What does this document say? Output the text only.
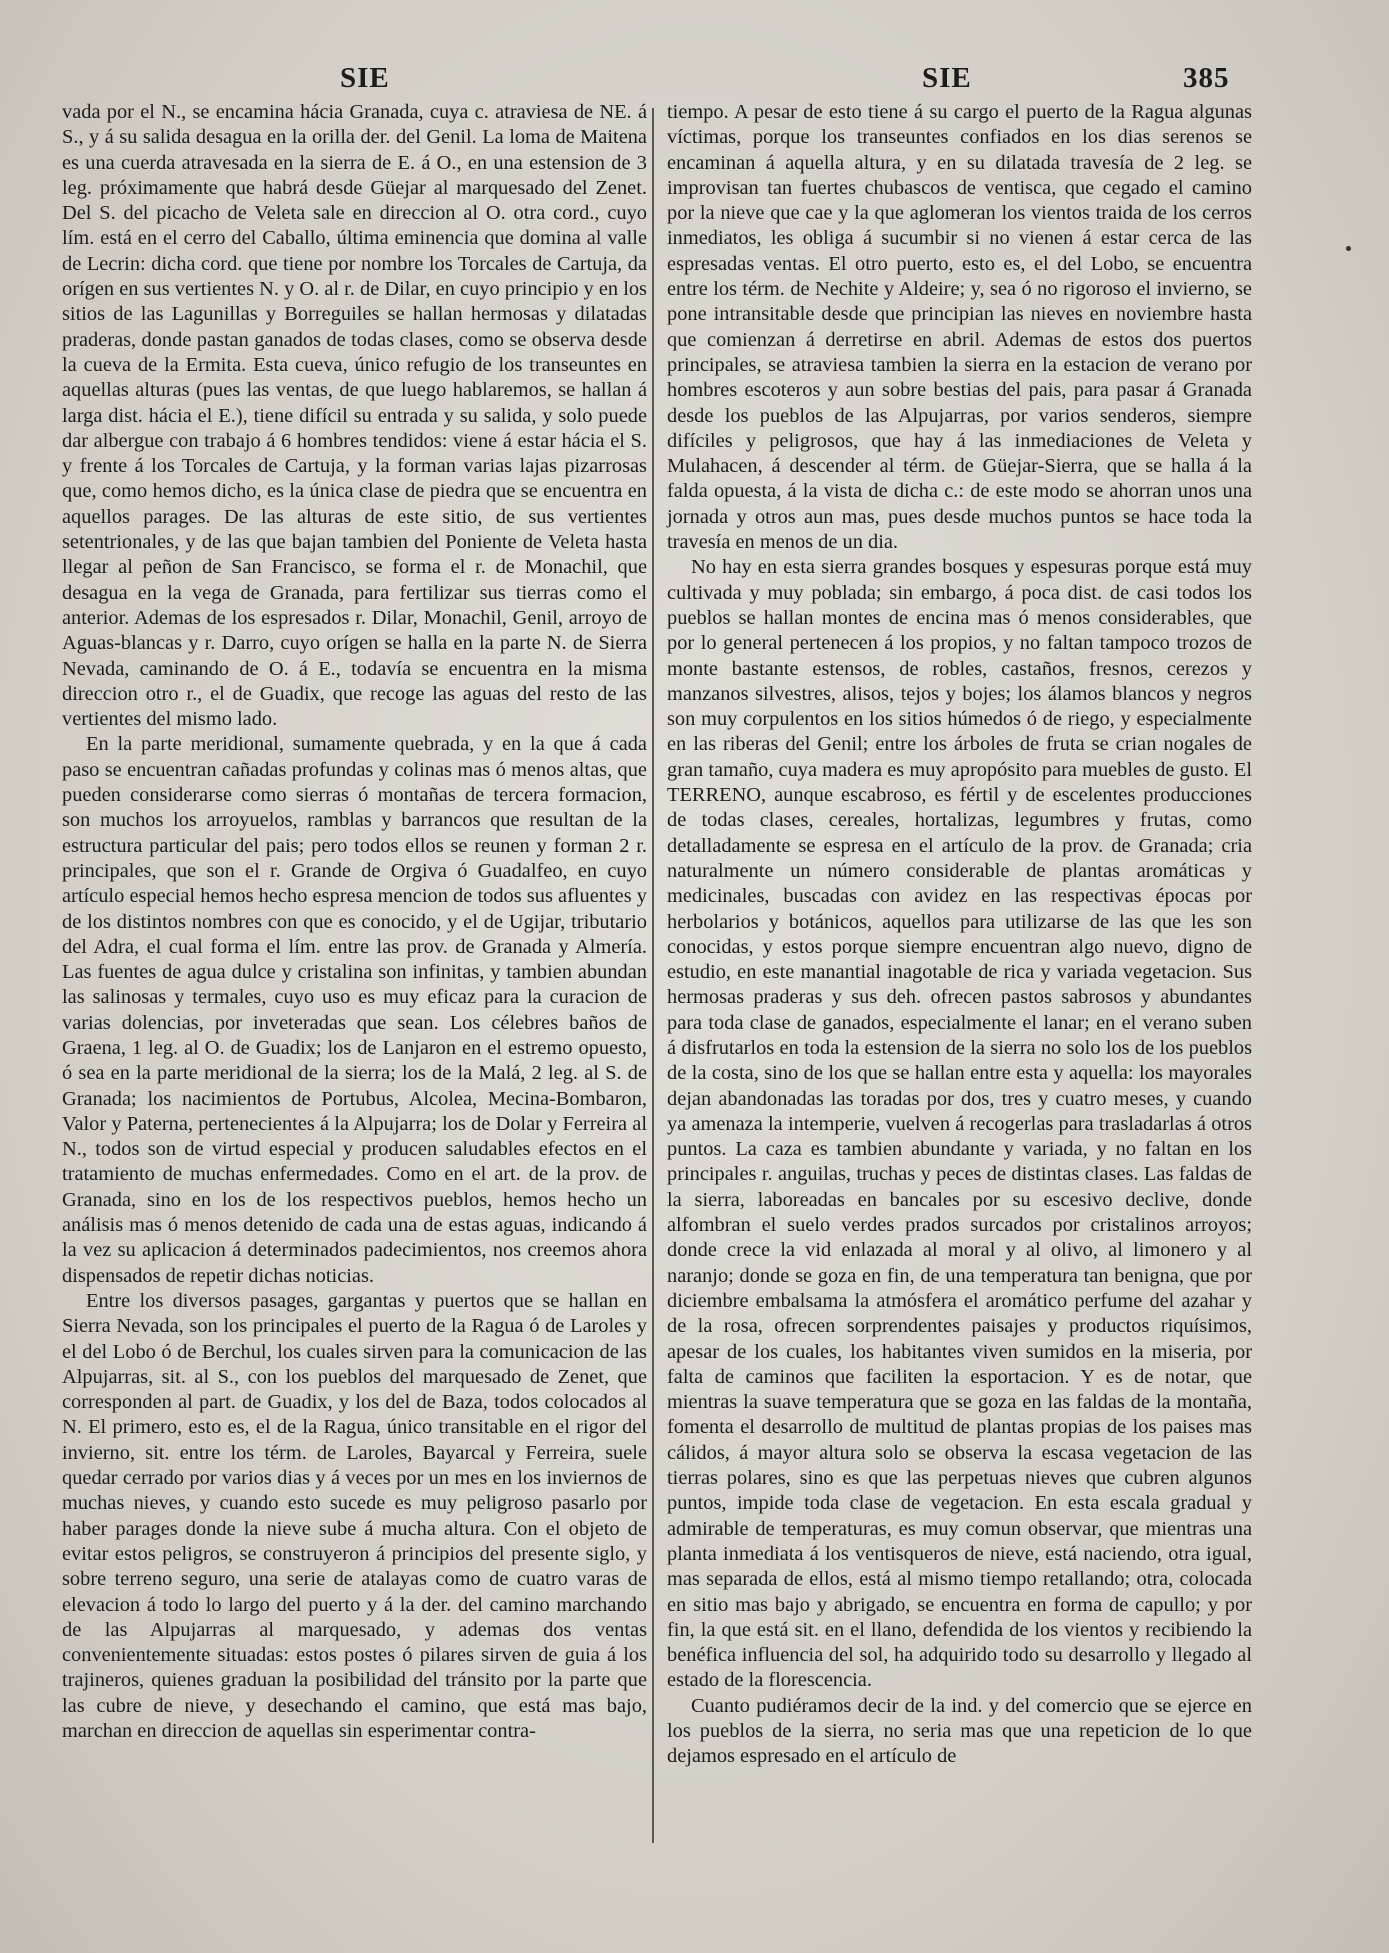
SIE	SIE	385

vada por el N., se encamina hácia Granada, cuya c. atraviesa de NE. á S., y á su salida desagua en la orilla der. del Genil. La loma de Maitena es una cuerda atravesada en la sierra de E. á O., en una estension de 3 leg. próximamente que habrá desde Güejar al marquesado del Zenet. Del S. del picacho de Veleta sale en direccion al O. otra cord., cuyo lím. está en el cerro del Caballo, última eminencia que domina al valle de Lecrin: dicha cord. que tiene por nombre los Torcales de Cartuja, da orígen en sus vertientes N. y O. al r. de Dilar, en cuyo principio y en los sitios de las Lagunillas y Borreguiles se hallan hermosas y dilatadas praderas, donde pastan ganados de todas clases, como se observa desde la cueva de la Ermita. Esta cueva, único refugio de los transeuntes en aquellas alturas (pues las ventas, de que luego hablaremos, se hallan á larga dist. hácia el E.), tiene difícil su entrada y su salida, y solo puede dar albergue con trabajo á 6 hombres tendidos: viene á estar hácia el S. y frente á los Torcales de Cartuja, y la forman varias lajas pizarrosas que, como hemos dicho, es la única clase de piedra que se encuentra en aquellos parages. De las alturas de este sitio, de sus vertientes setentrionales, y de las que bajan tambien del Poniente de Veleta hasta llegar al peñon de San Francisco, se forma el r. de Monachil, que desagua en la vega de Granada, para fertilizar sus tierras como el anterior. Ademas de los espresados r. Dilar, Monachil, Genil, arroyo de Aguas-blancas y r. Darro, cuyo orígen se halla en la parte N. de Sierra Nevada, caminando de O. á E., todavía se encuentra en la misma direccion otro r., el de Guadix, que recoge las aguas del resto de las vertientes del mismo lado.

En la parte meridional, sumamente quebrada, y en la que á cada paso se encuentran cañadas profundas y colinas mas ó menos altas, que pueden considerarse como sierras ó montañas de tercera formacion, son muchos los arroyuelos, ramblas y barrancos que resultan de la estructura particular del pais; pero todos ellos se reunen y forman 2 r. principales, que son el r. Grande de Orgiva ó Guadalfeo, en cuyo artículo especial hemos hecho espresa mencion de todos sus afluentes y de los distintos nombres con que es conocido, y el de Ugijar, tributario del Adra, el cual forma el lím. entre las prov. de Granada y Almería. Las fuentes de agua dulce y cristalina son infinitas, y tambien abundan las salinosas y termales, cuyo uso es muy eficaz para la curacion de varias dolencias, por inveteradas que sean. Los célebres baños de Graena, 1 leg. al O. de Guadix; los de Lanjaron en el estremo opuesto, ó sea en la parte meridional de la sierra; los de la Malá, 2 leg. al S. de Granada; los nacimientos de Portubus, Alcolea, Mecina-Bombaron, Valor y Paterna, pertenecientes á la Alpujarra; los de Dolar y Ferreira al N., todos son de virtud especial y producen saludables efectos en el tratamiento de muchas enfermedades. Como en el art. de la prov. de Granada, sino en los de los respectivos pueblos, hemos hecho un análisis mas ó menos detenido de cada una de estas aguas, indicando á la vez su aplicacion á determinados padecimientos, nos creemos ahora dispensados de repetir dichas noticias.

Entre los diversos pasages, gargantas y puertos que se hallan en Sierra Nevada, son los principales el puerto de la Ragua ó de Laroles y el del Lobo ó de Berchul, los cuales sirven para la comunicacion de las Alpujarras, sit. al S., con los pueblos del marquesado de Zenet, que corresponden al part. de Guadix, y los del de Baza, todos colocados al N. El primero, esto es, el de la Ragua, único transitable en el rigor del invierno, sit. entre los térm. de Laroles, Bayarcal y Ferreira, suele quedar cerrado por varios dias y á veces por un mes en los inviernos de muchas nieves, y cuando esto sucede es muy peligroso pasarlo por haber parages donde la nieve sube á mucha altura. Con el objeto de evitar estos peligros, se construyeron á principios del presente siglo, y sobre terreno seguro, una serie de atalayas como de cuatro varas de elevacion á todo lo largo del puerto y á la der. del camino marchando de las Alpujarras al marquesado, y ademas dos ventas convenientemente situadas: estos postes ó pilares sirven de guia á los trajineros, quienes graduan la posibilidad del tránsito por la parte que las cubre de nieve, y desechando el camino, que está mas bajo, marchan en direccion de aquellas sin esperimentar contra-

tiempo. A pesar de esto tiene á su cargo el puerto de la Ragua algunas víctimas, porque los transeuntes confiados en los dias serenos se encaminan á aquella altura, y en su dilatada travesía de 2 leg. se improvisan tan fuertes chubascos de ventisca, que cegado el camino por la nieve que cae y la que aglomeran los vientos traida de los cerros inmediatos, les obliga á sucumbir si no vienen á estar cerca de las espresadas ventas. El otro puerto, esto es, el del Lobo, se encuentra entre los térm. de Nechite y Aldeire; y, sea ó no rigoroso el invierno, se pone intransitable desde que principian las nieves en noviembre hasta que comienzan á derretirse en abril. Ademas de estos dos puertos principales, se atraviesa tambien la sierra en la estacion de verano por hombres escoteros y aun sobre bestias del pais, para pasar á Granada desde los pueblos de las Alpujarras, por varios senderos, siempre difíciles y peligrosos, que hay á las inmediaciones de Veleta y Mulahacen, á descender al térm. de Güejar-Sierra, que se halla á la falda opuesta, á la vista de dicha c.: de este modo se ahorran unos una jornada y otros aun mas, pues desde muchos puntos se hace toda la travesía en menos de un dia.

No hay en esta sierra grandes bosques y espesuras porque está muy cultivada y muy poblada; sin embargo, á poca dist. de casi todos los pueblos se hallan montes de encina mas ó menos considerables, que por lo general pertenecen á los propios, y no faltan tampoco trozos de monte bastante estensos, de robles, castaños, fresnos, cerezos y manzanos silvestres, alisos, tejos y bojes; los álamos blancos y negros son muy corpulentos en los sitios húmedos ó de riego, y especialmente en las riberas del Genil; entre los árboles de fruta se crian nogales de gran tamaño, cuya madera es muy apropósito para muebles de gusto. El TERRENO, aunque escabroso, es fértil y de escelentes producciones de todas clases, cereales, hortalizas, legumbres y frutas, como detalladamente se espresa en el artículo de la prov. de Granada; cria naturalmente un número considerable de plantas aromáticas y medicinales, buscadas con avidez en las respectivas épocas por herbolarios y botánicos, aquellos para utilizarse de las que les son conocidas, y estos porque siempre encuentran algo nuevo, digno de estudio, en este manantial inagotable de rica y variada vegetacion. Sus hermosas praderas y sus deh. ofrecen pastos sabrosos y abundantes para toda clase de ganados, especialmente el lanar; en el verano suben á disfrutarlos en toda la estension de la sierra no solo los de los pueblos de la costa, sino de los que se hallan entre esta y aquella: los mayorales dejan abandonadas las toradas por dos, tres y cuatro meses, y cuando ya amenaza la intemperie, vuelven á recogerlas para trasladarlas á otros puntos. La caza es tambien abundante y variada, y no faltan en los principales r. anguilas, truchas y peces de distintas clases. Las faldas de la sierra, laboreadas en bancales por su escesivo declive, donde alfombran el suelo verdes prados surcados por cristalinos arroyos; donde crece la vid enlazada al moral y al olivo, al limonero y al naranjo; donde se goza en fin, de una temperatura tan benigna, que por diciembre embalsama la atmósfera el aromático perfume del azahar y de la rosa, ofrecen sorprendentes paisajes y productos riquísimos, apesar de los cuales, los habitantes viven sumidos en la miseria, por falta de caminos que faciliten la esportacion. Y es de notar, que mientras la suave temperatura que se goza en las faldas de la montaña, fomenta el desarrollo de multitud de plantas propias de los paises mas cálidos, á mayor altura solo se observa la escasa vegetacion de las tierras polares, sino es que las perpetuas nieves que cubren algunos puntos, impide toda clase de vegetacion. En esta escala gradual y admirable de temperaturas, es muy comun observar, que mientras una planta inmediata á los ventisqueros de nieve, está naciendo, otra igual, mas separada de ellos, está al mismo tiempo retallando; otra, colocada en sitio mas bajo y abrigado, se encuentra en forma de capullo; y por fin, la que está sit. en el llano, defendida de los vientos y recibiendo la benéfica influencia del sol, ha adquirido todo su desarrollo y llegado al estado de la florescencia.

Cuanto pudiéramos decir de la ind. y del comercio que se ejerce en los pueblos de la sierra, no seria mas que una repeticion de lo que dejamos espresado en el artículo de
